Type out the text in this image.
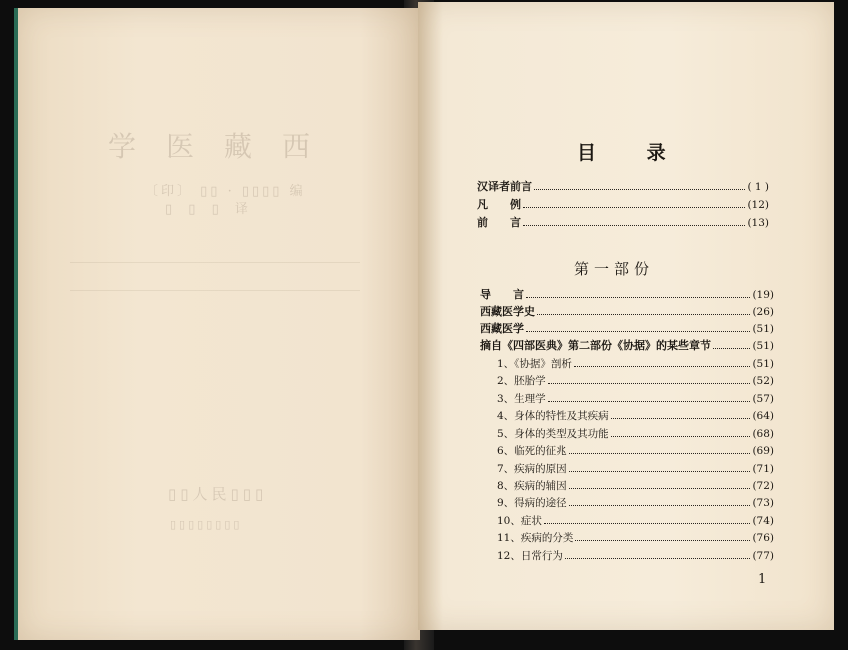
学医藏西
〔印〕 ▯▯ · ▯▯▯▯ 编
▯ ▯ ▯ 译
▯▯人民▯▯▯
▯▯▯▯▯▯▯▯
目 录
汉译者前言	( 1 )
凡　　例	(12)
前　　言	(13)
第一部份
导　　言	(19)
西藏医学史	(26)
西藏医学	(51)
摘自《四部医典》第二部份《协据》的某些章节	(51)
1、《协据》剖析	(51)
2、胚胎学	(52)
3、生理学	(57)
4、身体的特性及其疾病	(64)
5、身体的类型及其功能	(68)
6、临死的征兆	(69)
7、疾病的原因	(71)
8、疾病的辅因	(72)
9、得病的途径	(73)
10、症状	(74)
11、疾病的分类	(76)
12、日常行为	(77)
1
